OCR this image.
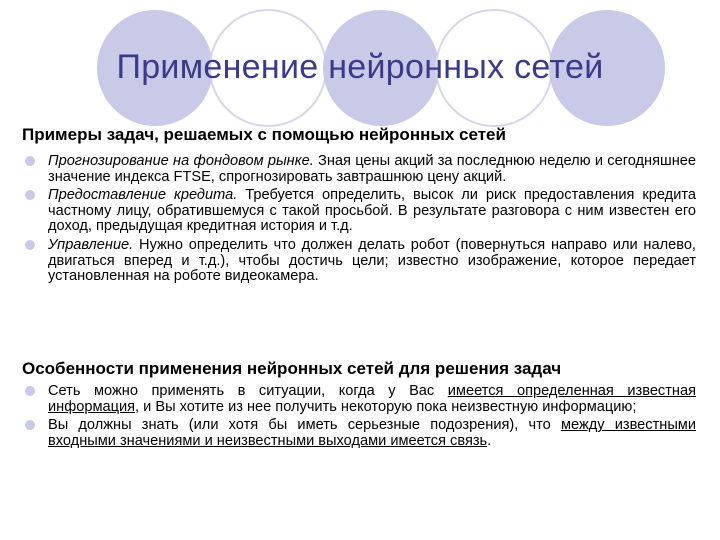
Применение нейронных сетей
Примеры задач, решаемых с помощью нейронных сетей
Прогнозирование на фондовом рынке. Зная цены акций за последнюю неделю и сегодняшнее значение индекса FTSE, спрогнозировать завтрашнюю цену акций.
Предоставление кредита. Требуется определить, высок ли риск предоставления кредита частному лицу, обратившемуся с такой просьбой. В результате разговора с ним известен его доход, предыдущая кредитная история и т.д.
Управление. Нужно определить что должен делать робот (повернуться направо или налево, двигаться вперед и т.д.), чтобы достичь цели; известно изображение, которое передает установленная на роботе видеокамера.
Особенности применения нейронных сетей для решения задач
Сеть можно применять в ситуации, когда у Вас имеется определенная известная информация, и Вы хотите из нее получить некоторую пока неизвестную информацию;
Вы должны знать (или хотя бы иметь серьезные подозрения), что между известными входными значениями и неизвестными выходами имеется связь.
